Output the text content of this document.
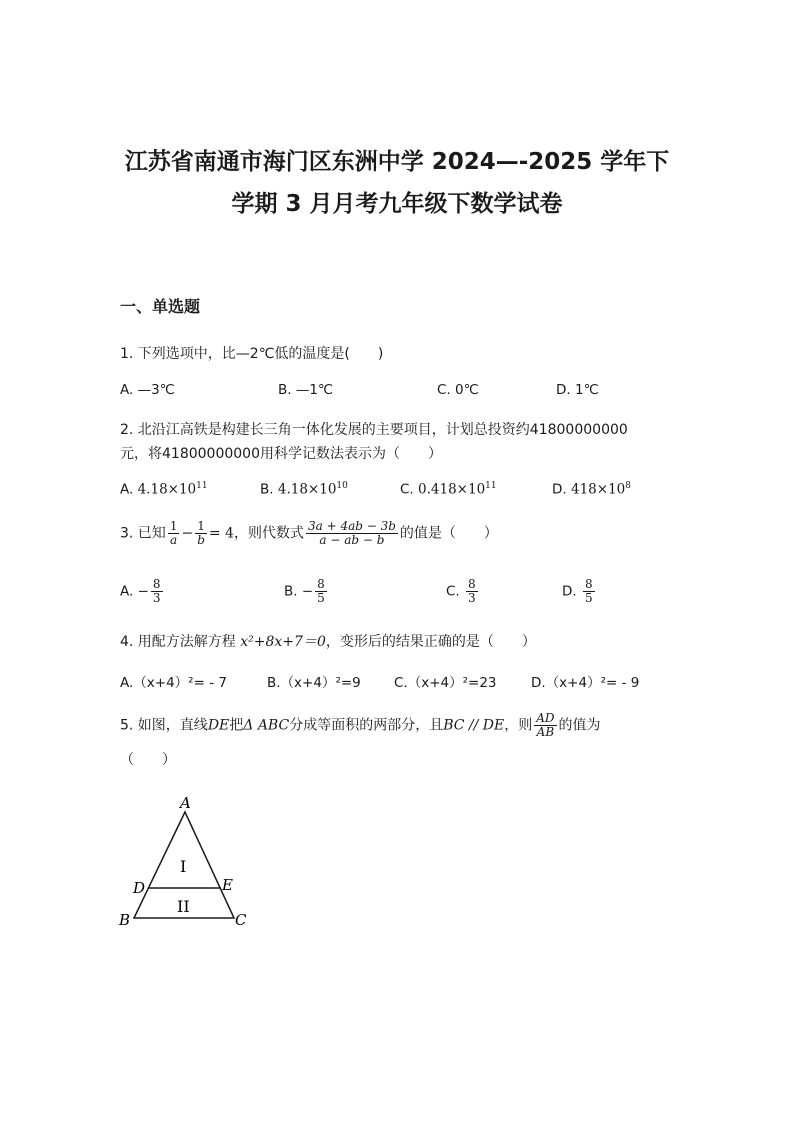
江苏省南通市海门区东洲中学 2024—-2025 学年下
学期 3 月月考九年级下数学试卷
一、单选题
1. 下列选项中，比—2℃低的温度是(　　)
A. —3℃	B. —1℃	C. 0℃	D. 1℃
2. 北沿江高铁是构建长三角一体化发展的主要项目，计划总投资约41800000000
元，将41800000000用科学记数法表示为（　　）
A. $4.18\times 10^{11}$	B. $4.18\times 10^{10}$	C. $0.418\times 10^{11}$	D. $418\times 10^8$
3. 已知 $\frac{1}{a} - \frac{1}{b} = 4$，则代数式 $\frac{3a + 4ab - 3b}{a - ab - b}$ 的值是（　　）
A. − $\frac{8}{3}$	B. − $\frac{8}{5}$	C. $\frac{8}{3}$	D. $\frac{8}{5}$
4. 用配方法解方程 x²+8x+7＝0，变形后的结果正确的是（　　）
A.（x+4）²= - 7	B.（x+4）²=9 C.（x+4）²=23	D.（x+4）²= - 9
5. 如图，直线DE把Δ ABC分成等面积的两部分，且BC // DE，则 $\frac{AD}{AB}$ 的值为
（　　）
A
B	C
D	E
I
II
